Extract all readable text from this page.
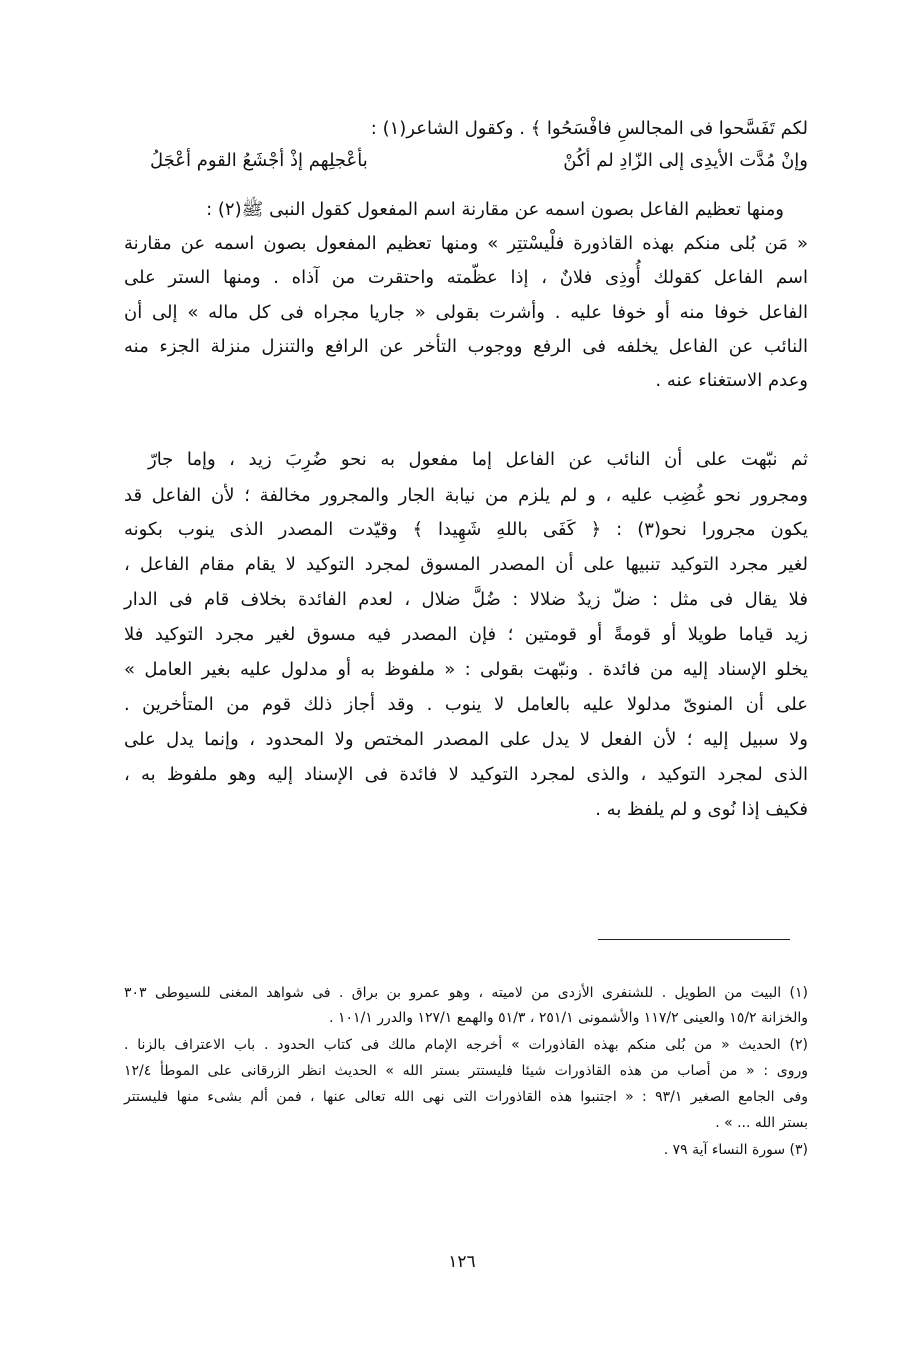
لكم تَفَسَّحوا فى المجالسِ فافْسَحُوا ﴾ . وكقول الشاعر(١) :
وإنْ مُدَّت الأيدِى إلى الزّادِ لم أكُنْ
بأعْجلِهم إذْ أجْشَعُ القوم أعْجَلُ
ومنها تعظيم الفاعل بصون اسمه عن مقارنة اسم المفعول كقول النبى ﷺ(٢) :
« مَن بُلى منكم بهذه القاذورة فلْيسْتتِر » ومنها تعظيم المفعول بصون اسمه عن مقارنة
اسم الفاعل كقولك أُوذِى فلانٌ ، إذا عظّمته واحتقرت من آذاه . ومنها الستر على
الفاعل خوفا منه أو خوفا عليه . وأشرت بقولى « جاريا مجراه فى كل ماله » إلى أن
النائب عن الفاعل يخلفه فى الرفع ووجوب التأخر عن الرافع والتنزل منزلة الجزء منه
وعدم الاستغناء عنه .
ثم نبّهت على أن النائب عن الفاعل إما مفعول به نحو ضُرِبَ زيد ، وإما جارّ
ومجرور نحو غُضِب عليه ، و لم يلزم من نيابة الجار والمجرور مخالفة ؛ لأن الفاعل قد
يكون مجرورا نحو(٣) : ﴿ كَفَى باللهِ شَهِيدا ﴾ وقيّدت المصدر الذى ينوب بكونه
لغير مجرد التوكيد تنبيها على أن المصدر المسوق لمجرد التوكيد لا يقام مقام الفاعل ،
فلا يقال فى مثل : ضلّ زيدٌ ضلالا : ضُلَّ ضلال ، لعدم الفائدة بخلاف قام فى الدار
زيد قياما طويلا أو قومةً أو قومتين ؛ فإن المصدر فيه مسوق لغير مجرد التوكيد فلا
يخلو الإسناد إليه من فائدة . ونبّهت بقولى : « ملفوظ به أو مدلول عليه بغير العامل »
على أن المنوىّ مدلولا عليه بالعامل لا ينوب . وقد أجاز ذلك قوم من المتأخرين .
ولا سبيل إليه ؛ لأن الفعل لا يدل على المصدر المختص ولا المحدود ، وإنما يدل على
الذى لمجرد التوكيد ، والذى لمجرد التوكيد لا فائدة فى الإسناد إليه وهو ملفوظ به ،
فكيف إذا نُوى و لم يلفظ به .
(١) البيت من الطويل . للشنفرى الأزدى من لاميته ، وهو عمرو بن براق . فى شواهد المغنى للسيوطى ٣٠٣
والخزانة ١٥/٢ والعينى ١١٧/٢ والأشمونى ٢٥١/١ ، ٥١/٣ والهمع ١٢٧/١ والدرر ١٠١/١ .
(٢) الحديث « من بُلى منكم بهذه القاذورات » أخرجه الإمام مالك فى كتاب الحدود . باب الاعتراف بالزنا .
وروى : « من أصاب من هذه القاذورات شيئا فليستتر بستر الله » الحديث انظر الزرقانى على الموطأ ١٢/٤
وفى الجامع الصغير ٩٣/١ : « اجتنبوا هذه القاذورات التى نهى الله تعالى عنها ، فمن ألم بشىء منها فليستتر
بستر الله ... » .
(٣) سورة النساء آية ٧٩ .
١٢٦
